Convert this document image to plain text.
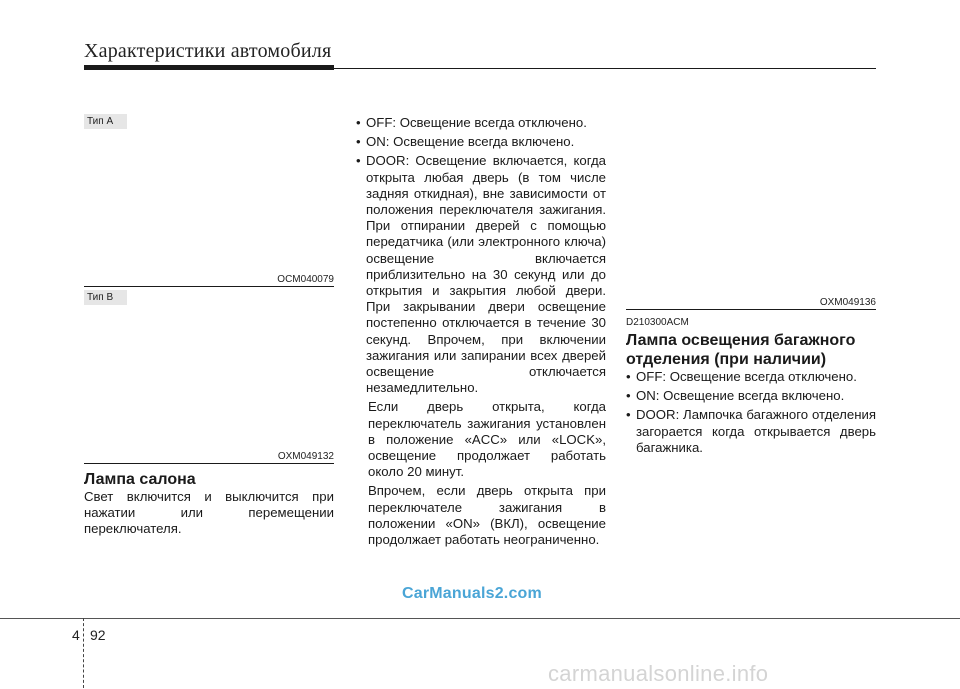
Характеристики автомобиля
Тип A
OCM040079
Тип B
OXM049132
Лампа салона
Свет включится и выключится при нажатии или перемещении переключателя.
• OFF: Освещение всегда отключено.
• ON: Освещение всегда включено.
• DOOR: Освещение включается, когда открыта любая дверь (в том числе задняя откидная), вне зависимости от положения переключателя зажигания. При отпирании дверей с помощью передатчика (или электронного ключа) освещение включается приблизительно на 30 секунд или до открытия и закрытия любой двери. При закрывании двери освещение постепенно отключается в течение 30 секунд. Впрочем, при включении зажигания или запирании всех дверей освещение отключается незамедлительно.
Если дверь открыта, когда переключатель зажигания установлен в положение «ACC» или «LOCK», освещение продолжает работать около 20 минут.
Впрочем, если дверь открыта при переключателе зажигания в положении «ON» (ВКЛ), освещение продолжает работать неограниченно.
OXM049136
D210300ACM
Лампа освещения багажного отделения (при наличии)
• OFF: Освещение всегда отключено.
• ON: Освещение всегда включено.
• DOOR: Лампочка багажного отделения загорается когда открывается дверь багажника.
CarManuals2.com
4 92
carmanualsonline.info
